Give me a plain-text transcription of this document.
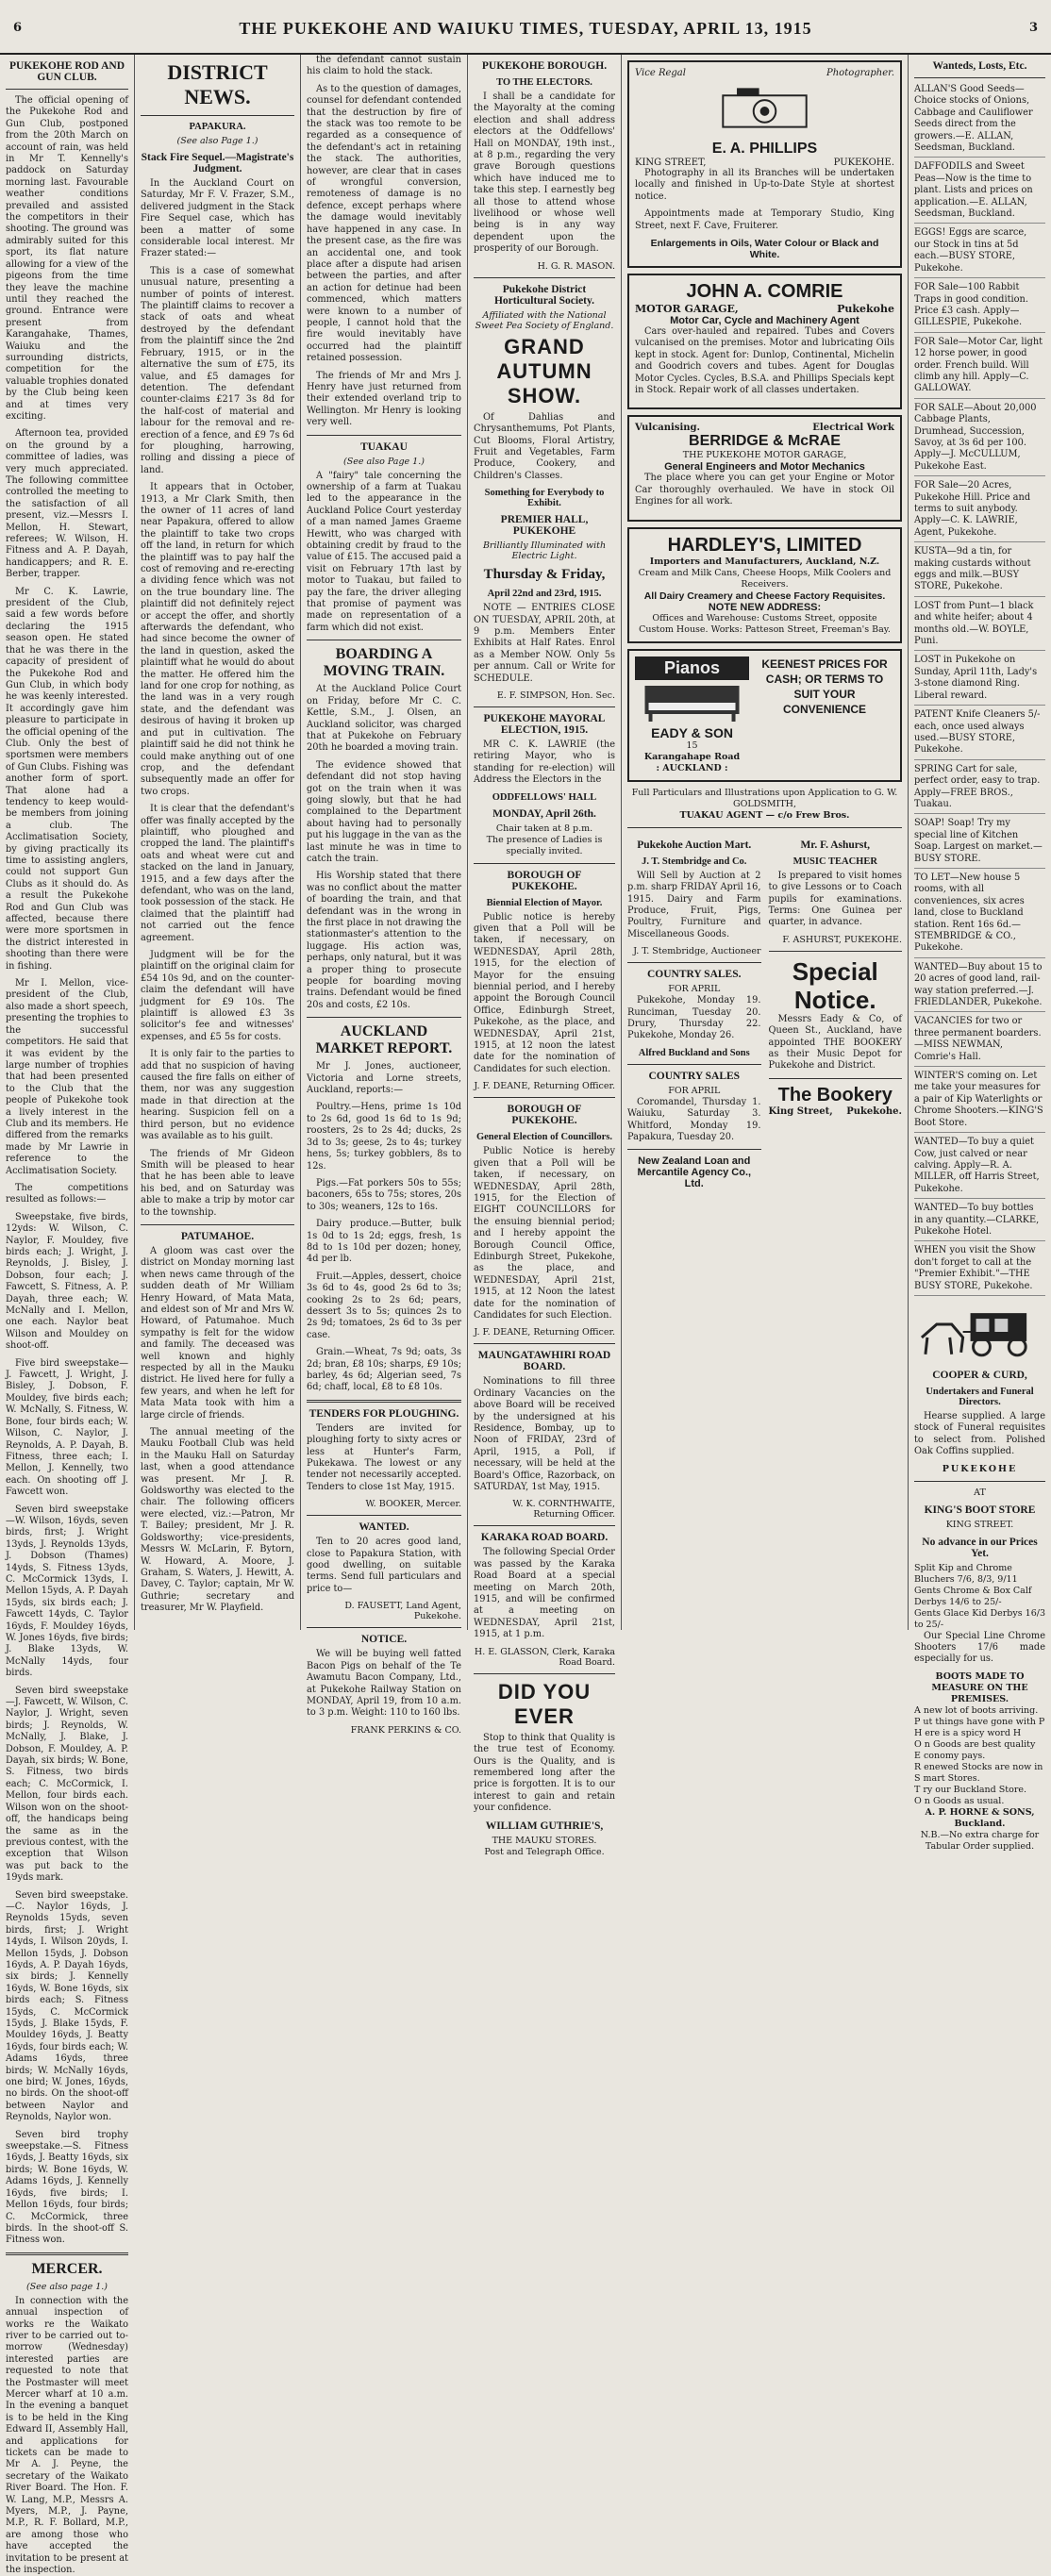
6	THE PUKEKOHE AND WAIUKU TIMES, TUESDAY, APRIL 13, 1915	3
PUKEKOHE ROD AND GUN CLUB.

The official opening of the Pukekohe Rod and Gun Club, postponed from the 20th March on account of rain, was held in Mr T. Kennelly's paddock on Saturday morning last. Favourable weather conditions prevailed and assisted the competitors in their shooting. The ground was admirably suited for this sport, its flat nature allowing for a view of the pigeons from the time they leave the machine until they reached the ground. Entrance were present from Karangahake, Thames, Waiuku and the surrounding districts, competition for the valuable trophies donated by the Club being keen and at times very exciting.

Afternoon tea, provided on the ground by a committee of ladies, was very much appreciated. The following committee controlled the meeting to the satisfaction of all present, viz.—Messrs I. Mellon, H. Stewart, referees; W. Wilson, H. Fitness and A. P. Dayah, handicappers; and R. E. Berber, trapper.

Mr C. K. Lawrie, president of the Club, said a few words before declaring the 1915 season open. He stated that he was there in the capacity of president of the Pukekohe Rod and Gun Club, in which body he was keenly interested. It accordingly gave him pleasure to participate in the official opening of the Club. Only the best of sportsmen were members of Gun Clubs. Fishing was another form of sport. That alone had a tendency to keep would-be members from joining a club. The Acclimatisation Society, by giving practically its time to assisting anglers, could not support Gun Clubs as it should do. As a result the Pukekohe Rod and Gun Club was affected, because there were more sportsmen in the district interested in shooting than there were in fishing.

Mr I. Mellon, vice-president of the Club, also made a short speech, presenting the trophies to the successful competitors. He said that it was evident by the large number of trophies that had been presented to the Club that the people of Pukekohe took a lively interest in the Club and its members. He differed from the remarks made by Mr Lawrie in reference to the Acclimatisation Society.

The competitions resulted as follows:—

Sweepstake, five birds, 12yds: W. Wilson, C. Naylor, F. Mouldey, five birds each; J. Wright, J. Reynolds, J. Bisley, J. Dobson, four each; J. Fawcett, S. Fitness, A. P. Dayah, three each; W. McNally and I. Mellon, one each. Naylor beat Wilson and Mouldey on shoot-off.

Five bird sweepstake—J. Fawcett, J. Wright, J. Bisley, J. Dobson, F. Mouldey, five birds each; W. McNally, S. Fitness, W. Bone, four birds each; W. Wilson, C. Naylor, J. Reynolds, A. P. Dayah, B. Fitness, three each; I. Mellon, J. Kennelly, two each. On shooting off J. Fawcett won.

Seven bird sweepstake—W. Wilson, 16yds, seven birds, first; J. Wright 13yds, J. Reynolds 13yds, J. Dobson (Thames) 14yds, S. Fitness 13yds, C. McCormick 13yds, I. Mellon 15yds, A. P. Dayah 15yds, six birds each; J. Fawcett 14yds, C. Taylor 16yds, F. Mouldey 16yds, W. Jones 16yds, five birds; J. Blake 13yds, W. McNally 14yds, four birds.

Seven bird sweepstake—J. Fawcett, W. Wilson, C. Naylor, J. Wright, seven birds; J. Reynolds, W. McNally, J. Blake, J. Dobson, F. Mouldey, A. P. Dayah, six birds; W. Bone, S. Fitness, two birds each; C. McCormick, I. Mellon, four birds each. Wilson won on the shoot-off, the handicaps being the same as in the previous contest, with the exception that Wilson was put back to the 19yds mark.

Seven bird sweepstake.—C. Naylor 16yds, J. Reynolds 15yds, seven birds, first; J. Wright 14yds, I. Wilson 20yds, I. Mellon 15yds, J. Dobson 16yds, A. P. Dayah 16yds, six birds; J. Kennelly 16yds, W. Bone 16yds, six birds each; S. Fitness 15yds, C. McCormick 15yds, J. Blake 15yds, F. Mouldey 16yds, J. Beatty 16yds, four birds each; W. Adams 16yds, three birds; W. McNally 16yds, one bird; W. Jones, 16yds, no birds. On the shoot-off between Naylor and Reynolds, Naylor won.

Seven bird trophy sweepstake.—S. Fitness 16yds, J. Beatty 16yds, six birds; W. Bone 16yds, W. Adams 16yds, J. Kennelly 16yds, five birds; I. Mellon 16yds, four birds; C. McCormick, three birds. In the shoot-off S. Fitness won.

MERCER.
(See also page 1.)

In connection with the annual inspection of works re the Waikato river to be carried out to-morrow (Wednesday) interested parties are requested to note that the Postmaster will meet Mercer wharf at 10 a.m. In the evening a banquet is to be held in the King Edward II, Assembly Hall, and applications for tickets can be made to Mr A. J. Peyne, the secretary of the Waikato River Board. The Hon. F. W. Lang, M.P., Messrs A. Myers, M.P., J. Payne, M.P., R. F. Bollard, M.P., are among those who have accepted the invitation to be present at the inspection.

DISTRICT NEWS.
PAPAKURA.
(See also Page 1.)
Stack Fire Sequel.—Magistrate's Judgment.

In the Auckland Court on Saturday, Mr F. V. Frazer, S.M., delivered judgment in the Stack Fire Sequel case, which has been a matter of some considerable local interest. Mr Frazer stated:—

This is a case of somewhat unusual nature, presenting a number of points of interest. The plaintiff claims to recover a stack of oats and wheat destroyed by the defendant from the plaintiff since the 2nd February, 1915, or in the alternative the sum of £75, its value, and £5 damages for detention. The defendant counter-claims £217 3s 8d for the half-cost of material and labour for the removal and re-erection of a fence, and £9 7s 6d for ploughing, harrowing, rolling and dissing a piece of land.

It appears that in October, 1913, a Mr Clark Smith, then the owner of 11 acres of land near Papakura, offered to allow the plaintiff to take two crops off the land, in return for which the plaintiff was to pay half the cost of removing and re-erecting a dividing fence which was not on the true boundary line. The plaintiff did not definitely reject or accept the offer, and shortly afterwards the defendant, who had since become the owner of the land in question, asked the plaintiff what he would do about the matter. He offered him the land for one crop for nothing, as the land was in a very rough state, and the defendant was desirous of having it broken up and put in cultivation. The plaintiff said he did not think he could make anything out of one crop, and the defendant subsequently made an offer for two crops.

It is clear that the defendant's offer was finally accepted by the plaintiff, who ploughed and cropped the land. The plaintiff's oats and wheat were cut and stacked on the land in January, 1915, and a few days after the defendant, who was on the land, took possession of the stack. He claimed that the plaintiff had not carried out the fence agreement.

Judgment will be for the plaintiff on the original claim for £54 10s 9d, and on the counter-claim the defendant will have judgment for £9 10s. The plaintiff is allowed £3 3s solicitor's fee and witnesses' expenses, and £5 5s for costs.

It is only fair to the parties to add that no suspicion of having caused the fire falls on either of them, nor was any suggestion made in that direction at the hearing. Suspicion fell on a third person, but no evidence was available as to his guilt.

The friends of Mr Gideon Smith will be pleased to hear that he has been able to leave his bed, and on Saturday was able to make a trip by motor car to the township.

PATUMAHOE.

A gloom was cast over the district on Monday morning last when news came through of the sudden death of Mr William Henry Howard, of Mata Mata, and eldest son of Mr and Mrs W. Howard, of Patumahoe. Much sympathy is felt for the widow and family. The deceased was well known and highly respected by all in the Mauku district. He lived here for fully a few years, and when he left for Mata Mata took with him a large circle of friends.

The annual meeting of the Mauku Football Club was held in the Mauku Hall on Saturday last, when a good attendance was present. Mr J. R. Goldsworthy was elected to the chair. The following officers were elected, viz.:—Patron, Mr T. Bailey; president, Mr J. R. Goldsworthy; vice-presidents, Messrs W. McLarin, F. Bytorn, W. Howard, A. Moore, J. Graham, S. Waters, J. Hewitt, A. Davey, C. Taylor; captain, Mr W. Guthrie; secretary and treasurer, Mr W. Playfield.

the defendant cannot sustain his claim to hold the stack.

As to the question of damages, counsel for defendant contended that the destruction by fire of the stack was too remote to be regarded as a consequence of the defendant's act in retaining the stack. The authorities, however, are clear that in cases of wrongful conversion, remoteness of damage is no defence, except perhaps where the damage would inevitably have happened in any case. In the present case, as the fire was an accidental one, and took place after a dispute had arisen between the parties, and after an action for detinue had been commenced, which matters were known to a number of people, I cannot hold that the fire would inevitably have occurred had the plaintiff retained possession.

The friends of Mr and Mrs J. Henry have just returned from their extended overland trip to Wellington. Mr Henry is looking very well.

TUAKAU
(See also Page 1.)

A "fairy" tale concerning the ownership of a farm at Tuakau led to the appearance in the Auckland Police Court yesterday of a man named James Graeme Hewitt, who was charged with obtaining credit by fraud to the value of £15. The accused paid a visit on February 17th last by motor to Tuakau, but failed to pay the fare, the driver alleging that promise of payment was made on representation of a farm which did not exist.

BOARDING A MOVING TRAIN.

At the Auckland Police Court on Friday, before Mr C. C. Kettle, S.M., J. Olsen, an Auckland solicitor, was charged that at Pukekohe on February 20th he boarded a moving train.

The evidence showed that defendant did not stop having got on the train when it was going slowly, but that he had complained to the Department about having had to personally put his luggage in the van as the last minute he was in time to catch the train.

His Worship stated that there was no conflict about the matter of boarding the train, and that defendant was in the wrong in the first place in not drawing the stationmaster's attention to the luggage. His action was, perhaps, only natural, but it was a proper thing to prosecute people for boarding moving trains. Defendant would be fined 20s and costs, £2 10s.

AUCKLAND MARKET REPORT.

Mr J. Jones, auctioneer, Victoria and Lorne streets, Auckland, reports:—

Poultry.—Hens, prime 1s 10d to 2s 6d, good 1s 6d to 1s 9d; roosters, 2s to 2s 4d; ducks, 2s 3d to 3s; geese, 2s to 4s; turkey hens, 5s; turkey gobblers, 8s to 12s.

Pigs.—Fat porkers 50s to 55s; baconers, 65s to 75s; stores, 20s to 30s; weaners, 12s to 16s.

Dairy produce.—Butter, bulk 1s 0d to 1s 2d; eggs, fresh, 1s 8d to 1s 10d per dozen; honey, 4d per lb.

Fruit.—Apples, dessert, choice 3s 6d to 4s, good 2s 6d to 3s; cooking 2s to 2s 6d; pears, dessert 3s to 5s; quinces 2s to 2s 9d; tomatoes, 2s 6d to 3s per case.

Grain.—Wheat, 7s 9d; oats, 3s 2d; bran, £8 10s; sharps, £9 10s; barley, 4s 6d; Algerian seed, 7s 6d; chaff, local, £8 to £8 10s.

TENDERS FOR PLOUGHING.

Tenders are invited for ploughing forty to sixty acres or less at Hunter's Farm, Pukekawa. The lowest or any tender not necessarily accepted. Tenders to close 1st May, 1915.

W. BOOKER, Mercer.
WANTED.

Ten to 20 acres good land, close to Papakura Station, with good dwelling, on suitable terms. Send full particulars and price to—

D. FAUSETT, Land Agent, Pukekohe.
NOTICE.

We will be buying well fatted Bacon Pigs on behalf of the Te Awamutu Bacon Company, Ltd., at Pukekohe Railway Station on MONDAY, April 19, from 10 a.m. to 3 p.m. Weight: 110 to 160 lbs.

FRANK PERKINS & CO.
PUKEKOHE BOROUGH.
TO THE ELECTORS.

I shall be a candidate for the Mayoralty at the coming election and shall address electors at the Oddfellows' Hall on MONDAY, 19th inst., at 8 p.m., regarding the very grave Borough questions which have induced me to take this step. I earnestly beg all those to attend whose livelihood or whose well being is in any way dependent upon the prosperity of our Borough.

H. G. R. MASON.
Pukekohe District Horticultural Society.
Affiliated with the National Sweet Pea Society of England.
GRAND AUTUMN SHOW.

Of Dahlias and Chrysanthemums, Pot Plants, Cut Blooms, Floral Artistry, Fruit and Vegetables, Farm Produce, Cookery, and Children's Classes.

Something for Everybody to Exhibit.
PREMIER HALL, PUKEKOHE
Brilliantly Illuminated with Electric Light.
Thursday & Friday,
April 22nd and 23rd, 1915.

NOTE — ENTRIES CLOSE ON TUESDAY, APRIL 20th, at 9 p.m. Members Enter Exhibits at Half Rates. Enrol as a Member NOW. Only 5s per annum. Call or Write for SCHEDULE.

E. F. SIMPSON, Hon. Sec.
PUKEKOHE MAYORAL ELECTION, 1915.

MR C. K. LAWRIE (the retiring Mayor, who is standing for re-election) will Address the Electors in the

ODDFELLOWS' HALL
MONDAY, April 26th.
Chair taken at 8 p.m.
The presence of Ladies is specially invited.
BOROUGH OF PUKEKOHE.
Biennial Election of Mayor.

Public notice is hereby given that a Poll will be taken, if necessary, on WEDNESDAY, April 28th, 1915, for the election of Mayor for the ensuing biennial period, and I hereby appoint the Borough Council Office, Edinburgh Street, Pukekohe, as the place, and WEDNESDAY, April 21st, 1915, at 12 noon the latest date for the nomination of Candidates for such election.

J. F. DEANE, Returning Officer.
BOROUGH OF PUKEKOHE.
General Election of Councillors.

Public Notice is hereby given that a Poll will be taken, if necessary, on WEDNESDAY, April 28th, 1915, for the Election of EIGHT COUNCILLORS for the ensuing biennial period; and I hereby appoint the Borough Council Office, Edinburgh Street, Pukekohe, as the place, and WEDNESDAY, April 21st, 1915, at 12 Noon the latest date for the nomination of Candidates for such Election.

J. F. DEANE, Returning Officer.
MAUNGATAWHIRI ROAD BOARD.

Nominations to fill three Ordinary Vacancies on the above Board will be received by the undersigned at his Residence, Bombay, up to Noon of FRIDAY, 23rd of April, 1915, a Poll, if necessary, will be held at the Board's Office, Razorback, on SATURDAY, 1st May, 1915.

W. K. CORNTHWAITE, Returning Officer.
KARAKA ROAD BOARD.

The following Special Order was passed by the Karaka Road Board at a special meeting on March 20th, 1915, and will be confirmed at a meeting on WEDNESDAY, April 21st, 1915, at 1 p.m.

H. E. GLASSON, Clerk, Karaka Road Board.
DID YOU EVER

Stop to think that Quality is the true test of Economy. Ours is the Quality, and is remembered long after the price is forgotten. It is to our interest to gain and retain your confidence.

WILLIAM GUTHRIE'S,
THE MAUKU STORES.
Post and Telegraph Office.
Vice Regal	Photographer.
E. A. PHILLIPS
KING STREET,	PUKEKOHE.

Photography in all its Branches will be undertaken locally and finished in Up-to-Date Style at shortest notice.

Appointments made at Temporary Studio, King Street, next F. Cave, Fruiterer.

Enlargements in Oils, Water Colour or Black and White.
JOHN A. COMRIE
MOTOR GARAGE,	Pukekohe
Motor Car, Cycle and Machinery Agent

Cars over-hauled and repaired. Tubes and Covers vulcanised on the premises. Motor and lubricating Oils kept in stock. Agent for: Dunlop, Continental, Michelin and Goodrich covers and tubes. Agent for Douglas Motor Cycles. Cycles, B.S.A. and Phillips Specials kept in Stock. Repair work of all classes undertaken.

Vulcanising.	Electrical Work
BERRIDGE & McRAE
THE PUKEKOHE MOTOR GARAGE,
General Engineers and Motor Mechanics

The place where you can get your Engine or Motor Car thoroughly overhauled. We have in stock Oil Engines for all work.

HARDLEY'S, LIMITED
Importers and Manufacturers, Auckland, N.Z.
Cream and Milk Cans, Cheese Hoops, Milk Coolers and Receivers.
All Dairy Creamery and Cheese Factory Requisites.
NOTE NEW ADDRESS:
Offices and Warehouse: Customs Street, opposite Custom House. Works: Patteson Street, Freeman's Bay.
Pianos
EADY & SON
15
Karangahape Road
: AUCKLAND :
KEENEST PRICES FOR CASH; OR TERMS TO SUIT YOUR CONVENIENCE
Full Particulars and Illustrations upon Application to G. W. GOLDSMITH,
TUAKAU AGENT — c/o Frew Bros.
Pukekohe Auction Mart.
J. T. Stembridge and Co.

Will Sell by Auction at 2 p.m. sharp FRIDAY April 16, 1915. Dairy and Farm Produce, Fruit, Pigs, Poultry, Furniture and Miscellaneous Goods.

J. T. Stembridge, Auctioneer
COUNTRY SALES.
FOR APRIL

Pukekohe, Monday 19. Runciman, Tuesday 20. Drury, Thursday 22. Pukekohe, Monday 26.

Alfred Buckland and Sons
COUNTRY SALES
FOR APRIL

Coromandel, Thursday 1. Waiuku, Saturday 3. Whitford, Monday 19. Papakura, Tuesday 20.

New Zealand Loan and Mercantile Agency Co., Ltd.
Mr. F. Ashurst,
MUSIC TEACHER

Is prepared to visit homes to give Lessons or to Coach pupils for examinations. Terms: One Guinea per quarter, in advance.

F. ASHURST, PUKEKOHE.
Special Notice.

Messrs Eady & Co, of Queen St., Auckland, have appointed THE BOOKERY as their Music Depot for Pukekohe and District.

The Bookery
King Street, Pukekohe.
Wanteds, Losts, Etc.
ALLAN'S Good Seeds—Choice stocks of Onions, Cabbage and Cauliflower Seeds direct from the growers.—E. ALLAN, Seedsman, Buckland.
DAFFODILS and Sweet Peas—Now is the time to plant. Lists and prices on application.—E. ALLAN, Seedsman, Buckland.
EGGS! Eggs are scarce, our Stock in tins at 5d each.—BUSY STORE, Pukekohe.
FOR Sale—100 Rabbit Traps in good condition. Price £3 cash. Apply—GILLESPIE, Pukekohe.
FOR Sale—Motor Car, light 12 horse power, in good order. French build. Will climb any hill. Apply—C. GALLOWAY.
FOR SALE—About 20,000 Cabbage Plants, Drumhead, Succession, Savoy, at 3s 6d per 100. Apply—J. McCULLUM, Pukekohe East.
FOR Sale—20 Acres, Pukekohe Hill. Price and terms to suit anybody. Apply—C. K. LAWRIE, Agent, Pukekohe.
KUSTA—9d a tin, for making custards without eggs and milk.—BUSY STORE, Pukekohe.
LOST from Punt—1 black and white heifer; about 4 months old.—W. BOYLE, Puni.
LOST in Pukekohe on Sunday, April 11th, Lady's 3-stone diamond Ring. Liberal reward.
PATENT Knife Cleaners 5/- each, once used always used.—BUSY STORE, Pukekohe.
SPRING Cart for sale, perfect order, easy to trap. Apply—FREE BROS., Tuakau.
SOAP! Soap! Try my special line of Kitchen Soap. Largest on market.—BUSY STORE.
TO LET—New house 5 rooms, with all conveniences, six acres land, close to Buckland station. Rent 16s 6d.—STEMBRIDGE & CO., Pukekohe.
WANTED—Buy about 15 to 20 acres of good land, rail-way station preferred.—J. FRIEDLANDER, Pukekohe.
VACANCIES for two or three permanent boarders. —MISS NEWMAN, Comrie's Hall.
WINTER'S coming on. Let me take your measures for a pair of Kip Waterlights or Chrome Shooters.—KING'S Boot Store.
WANTED—To buy a quiet Cow, just calved or near calving. Apply—R. A. MILLER, off Harris Street, Pukekohe.
WANTED—To buy bottles in any quantity.—CLARKE, Pukekohe Hotel.
WHEN you visit the Show don't forget to call at the "Premier Exhibit."—THE BUSY STORE, Pukekohe.
COOPER & CURD,
Undertakers and Funeral Directors.

Hearse supplied. A large stock of Funeral requisites to select from. Polished Oak Coffins supplied.

PUKEKOHE
AT
KING'S BOOT STORE
KING STREET.
No advance in our Prices Yet.
Split Kip and Chrome Bluchers 7/6, 8/3, 9/11
Gents Chrome & Box Calf Derbys 14/6 to 25/-
Gents Glace Kid Derbys 16/3 to 25/-

Our Special Line Chrome Shooters 17/6 made especially for us.

BOOTS MADE TO MEASURE ON THE PREMISES.
A new lot of boots arriving.
P ut things have gone with P
H ere is a spicy word H
O n Goods are best quality
E conomy pays.
R enewed Stocks are now in
S mart Stores.
T ry our Buckland Store.
O n Goods as usual.
A. P. HORNE & SONS, Buckland.
N.B.—No extra charge for Tabular Order supplied.
